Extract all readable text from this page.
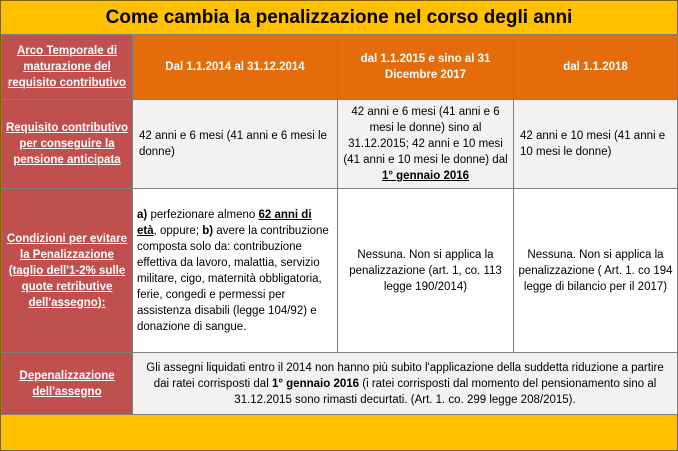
Come cambia la penalizzazione nel corso degli anni
Arco Temporale di maturazione del requisito contributivo	Dal 1.1.2014 al 31.12.2014	dal 1.1.2015 e sino al 31 Dicembre 2017	dal 1.1.2018
Requisito contributivo per conseguire la pensione anticipata	42 anni e 6 mesi (41 anni e 6 mesi le donne)	42 anni e 6 mesi (41 anni e 6 mesi le donne) sino al 31.12.2015; 42 anni e 10 mesi (41 anni e 10 mesi le donne) dal 1° gennaio 2016	42 anni e 10 mesi (41 anni e 10 mesi le donne)
Condizioni per evitare la Penalizzazione (taglio dell'1-2% sulle quote retributive dell'assegno):	a) perfezionare almeno 62 anni di età, oppure; b) avere la contribuzione composta solo da: contribuzione effettiva da lavoro, malattia, servizio militare, cigo, maternità obbligatoria, ferie, congedi e permessi per assistenza disabili (legge 104/92) e donazione di sangue.	Nessuna. Non si applica la penalizzazione (art. 1, co. 113 legge 190/2014)	Nessuna. Non si applica la penalizzazione ( Art. 1. co 194 legge di bilancio per il 2017)
Depenalizzazione dell'assegno	Gli assegni liquidati entro il 2014 non hanno più subito l'applicazione della suddetta riduzione a partire dai ratei corrisposti dal 1° gennaio 2016 (i ratei corrisposti dal momento del pensionamento sino al 31.12.2015 sono rimasti decurtati. (Art. 1. co. 299 legge 208/2015).		
